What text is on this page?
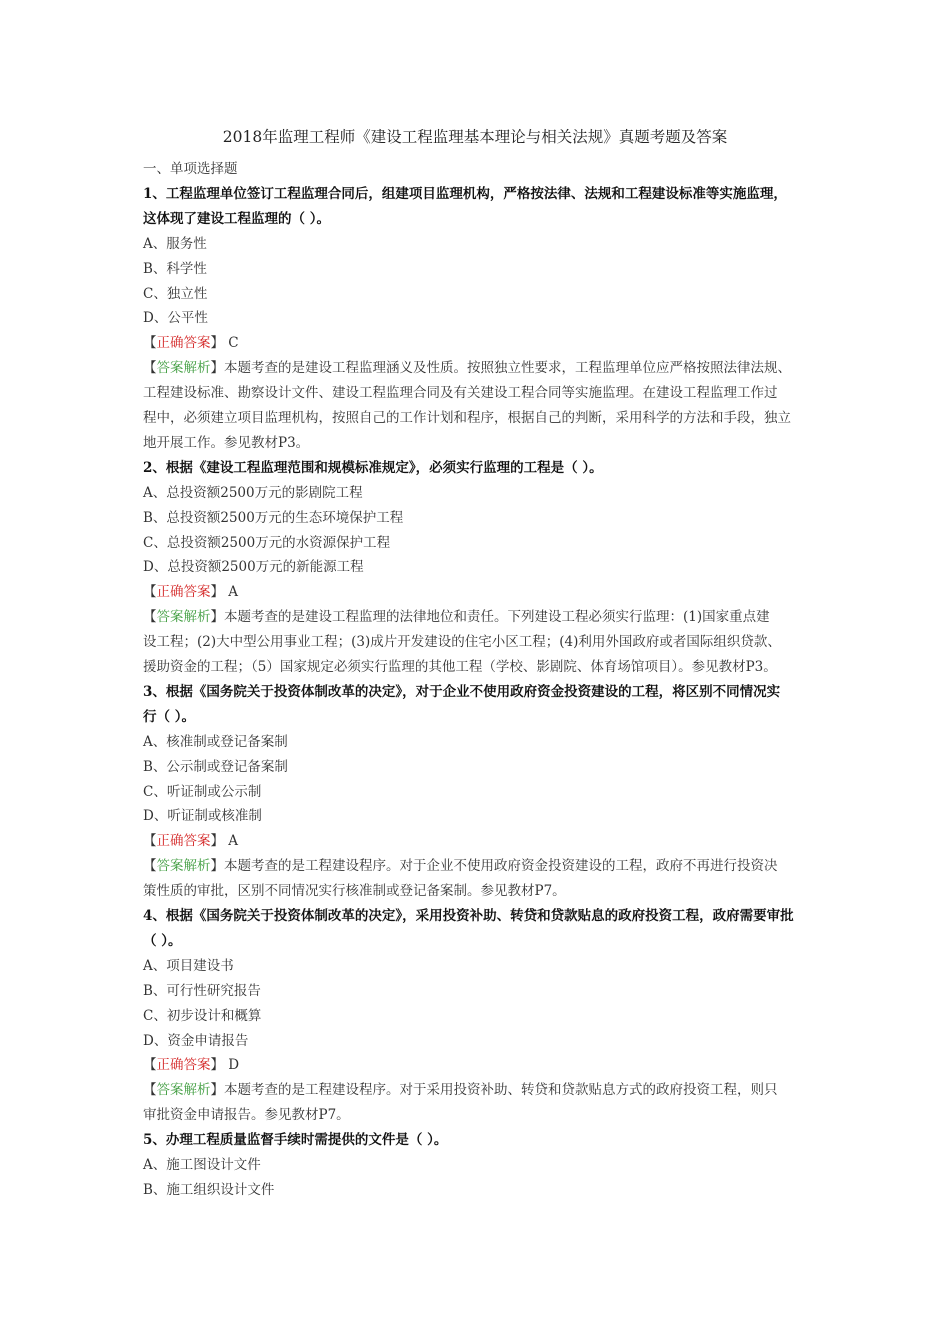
2018年监理工程师《建设工程监理基本理论与相关法规》真题考题及答案
一、单项选择题
1、工程监理单位签订工程监理合同后，组建项目监理机构，严格按法律、法规和工程建设标准等实施监理，
这体现了建设工程监理的（ ）。
A、服务性
B、科学性
C、独立性
D、公平性
【正确答案】 C
【答案解析】本题考查的是建设工程监理涵义及性质。按照独立性要求，工程监理单位应严格按照法律法规、
工程建设标准、勘察设计文件、建设工程监理合同及有关建设工程合同等实施监理。在建设工程监理工作过
程中，必须建立项目监理机构，按照自己的工作计划和程序，根据自己的判断，采用科学的方法和手段，独立
地开展工作。参见教材P3。
2、根据《建设工程监理范围和规模标准规定》，必须实行监理的工程是（ ）。
A、总投资额2500万元的影剧院工程
B、总投资额2500万元的生态环境保护工程
C、总投资额2500万元的水资源保护工程
D、总投资额2500万元的新能源工程
【正确答案】 A
【答案解析】本题考查的是建设工程监理的法律地位和责任。下列建设工程必须实行监理：(1)国家重点建
设工程；(2)大中型公用事业工程；(3)成片开发建设的住宅小区工程；(4)利用外国政府或者国际组织贷款、
援助资金的工程；（5）国家规定必须实行监理的其他工程（学校、影剧院、体育场馆项目）。参见教材P3。
3、根据《国务院关于投资体制改革的决定》，对于企业不使用政府资金投资建设的工程，将区别不同情况实
行（ ）。
A、核准制或登记备案制
B、公示制或登记备案制
C、听证制或公示制
D、听证制或核准制
【正确答案】 A
【答案解析】本题考查的是工程建设程序。对于企业不使用政府资金投资建设的工程，政府不再进行投资决
策性质的审批，区别不同情况实行核准制或登记备案制。参见教材P7。
4、根据《国务院关于投资体制改革的决定》，采用投资补助、转贷和贷款贴息的政府投资工程，政府需要审批
（ ）。
A、项目建设书
B、可行性研究报告
C、初步设计和概算
D、资金申请报告
【正确答案】 D
【答案解析】本题考查的是工程建设程序。对于采用投资补助、转贷和贷款贴息方式的政府投资工程，则只
审批资金申请报告。参见教材P7。
5、办理工程质量监督手续时需提供的文件是（ ）。
A、施工图设计文件
B、施工组织设计文件
